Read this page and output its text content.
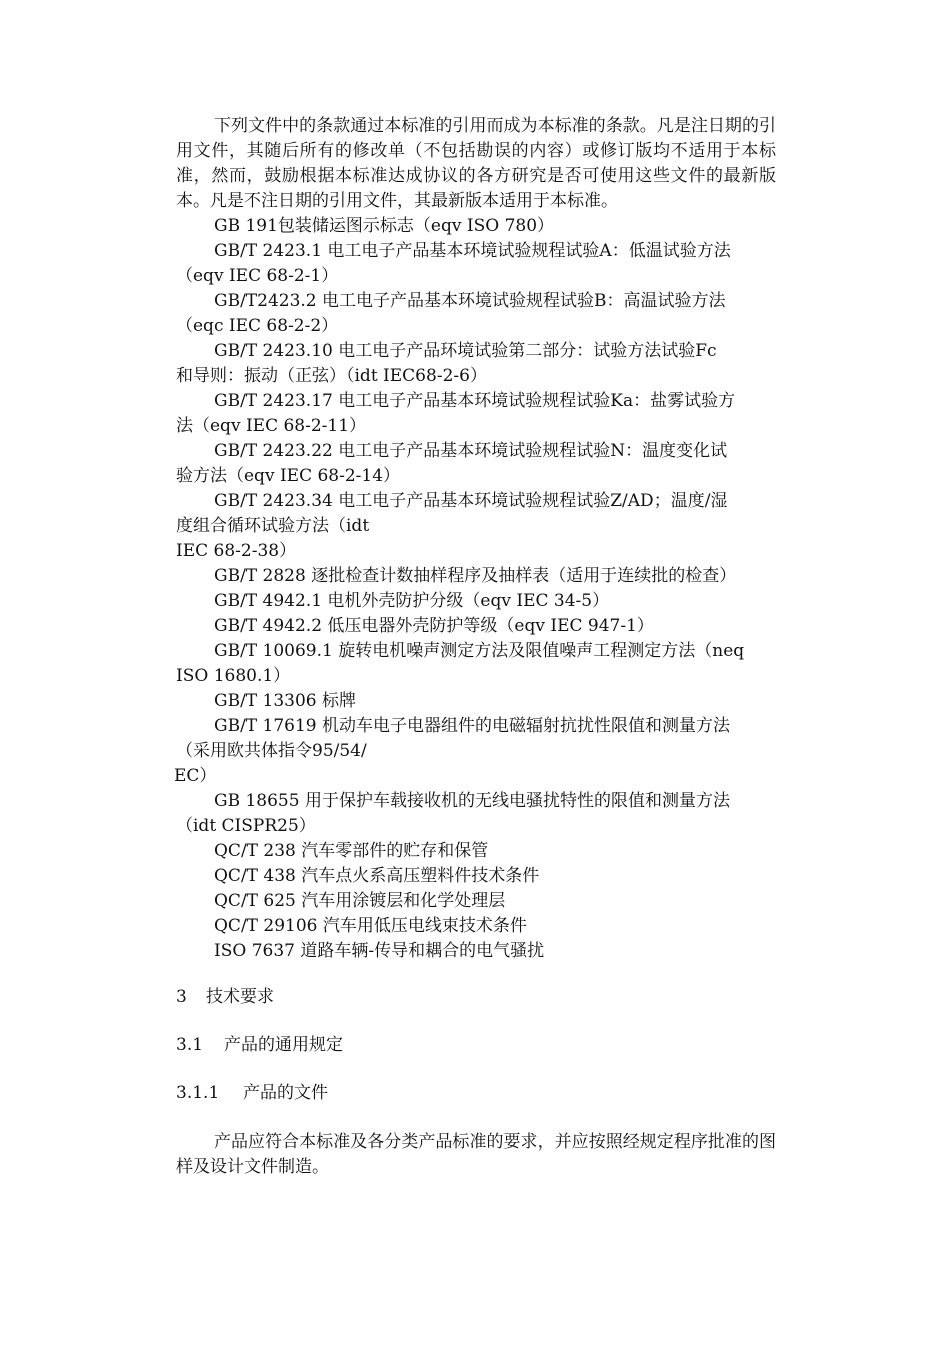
下列文件中的条款通过本标准的引用而成为本标准的条款。凡是注日期的引用文件，其随后所有的修改单（不包括勘误的内容）或修订版均不适用于本标准，然而，鼓励根据本标准达成协议的各方研究是否可使用这些文件的最新版本。凡是不注日期的引用文件，其最新版本适用于本标准。

GB 191包装储运图示标志（eqv ISO 780）

GB/T 2423.1 电工电子产品基本环境试验规程试验A：低温试验方法
（eqv IEC 68-2-1）

GB/T2423.2 电工电子产品基本环境试验规程试验B：高温试验方法
（eqc IEC 68-2-2）

GB/T 2423.10 电工电子产品环境试验第二部分：试验方法试验Fc
和导则：振动（正弦）（idt IEC68-2-6）

GB/T 2423.17 电工电子产品基本环境试验规程试验Ka：盐雾试验方
法（eqv IEC 68-2-11）

GB/T 2423.22 电工电子产品基本环境试验规程试验N：温度变化试
验方法（eqv IEC 68-2-14）

GB/T 2423.34 电工电子产品基本环境试验规程试验Z/AD；温度/湿
度组合循环试验方法（idt
IEC 68-2-38）

GB/T 2828 逐批检查计数抽样程序及抽样表（适用于连续批的检查）

GB/T 4942.1 电机外壳防护分级（eqv IEC 34-5）

GB/T 4942.2 低压电器外壳防护等级（eqv IEC 947-1）

GB/T 10069.1 旋转电机噪声测定方法及限值噪声工程测定方法（neq
ISO 1680.1）

GB/T 13306 标牌

GB/T 17619 机动车电子电器组件的电磁辐射抗扰性限值和测量方法
（采用欧共体指令95/54/
EC）

GB 18655 用于保护车载接收机的无线电骚扰特性的限值和测量方法
（idt CISPR25）

QC/T 238 汽车零部件的贮存和保管

QC/T 438 汽车点火系高压塑料件技术条件

QC/T 625 汽车用涂镀层和化学处理层

QC/T 29106 汽车用低压电线束技术条件

ISO 7637 道路车辆-传导和耦合的电气骚扰

3 技术要求

3.1 产品的通用规定

3.1.1 产品的文件

产品应符合本标准及各分类产品标准的要求，并应按照经规定程序批准的图样及设计文件制造。
